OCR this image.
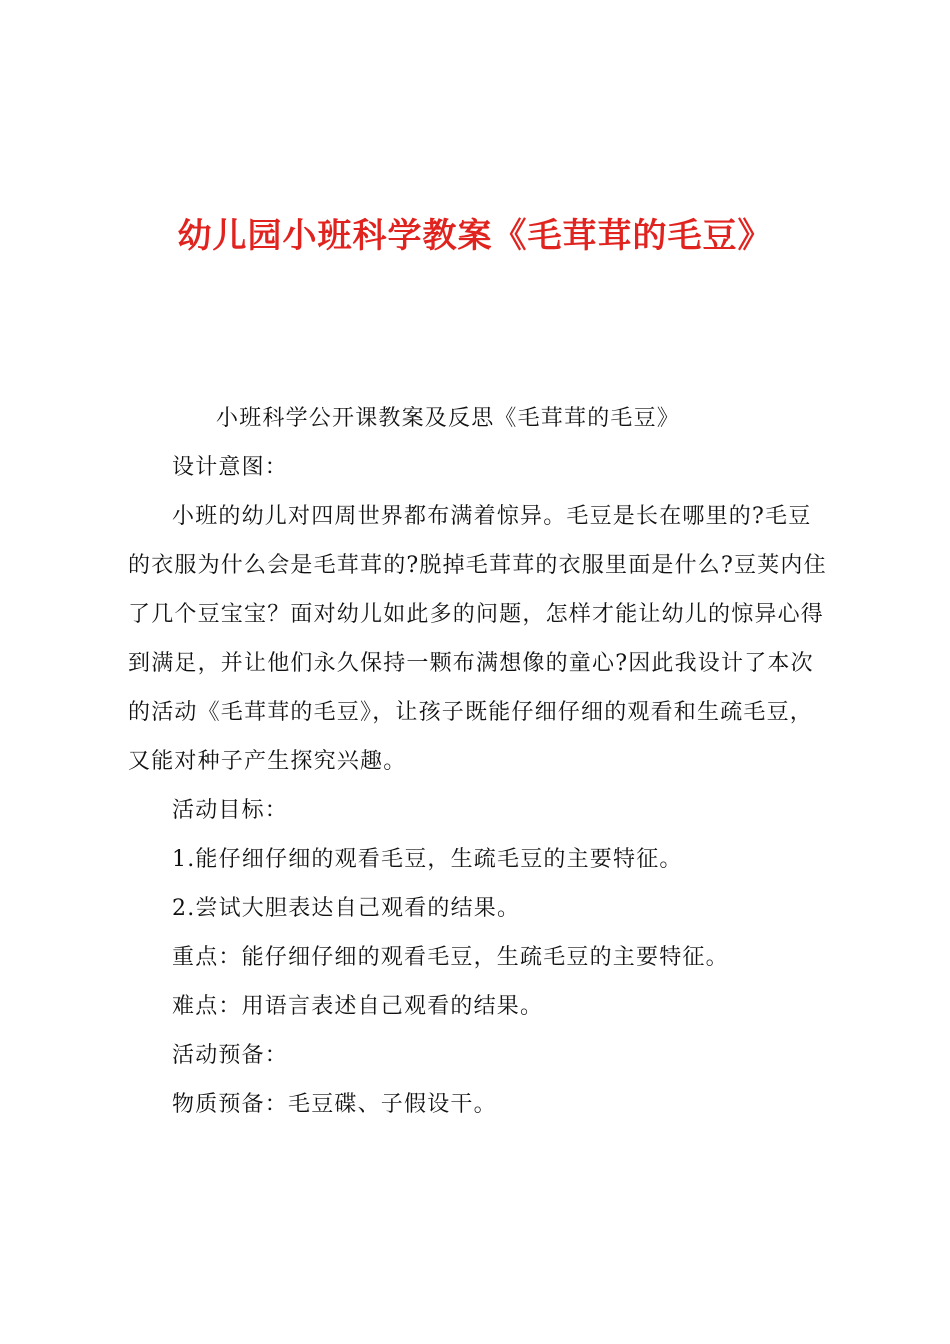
幼儿园小班科学教案《毛茸茸的毛豆》

小班科学公开课教案及反思《毛茸茸的毛豆》

设计意图：

小班的幼儿对四周世界都布满着惊异。毛豆是长在哪里的?毛豆的衣服为什么会是毛茸茸的?脱掉毛茸茸的衣服里面是什么?豆荚内住了几个豆宝宝？面对幼儿如此多的问题，怎样才能让幼儿的惊异心得到满足，并让他们永久保持一颗布满想像的童心?因此我设计了本次的活动《毛茸茸的毛豆》，让孩子既能仔细仔细的观看和生疏毛豆，又能对种子产生探究兴趣。

活动目标：

1.能仔细仔细的观看毛豆，生疏毛豆的主要特征。

2.尝试大胆表达自己观看的结果。

重点：能仔细仔细的观看毛豆，生疏毛豆的主要特征。

难点：用语言表述自己观看的结果。

活动预备：

物质预备：毛豆碟、子假设干。
